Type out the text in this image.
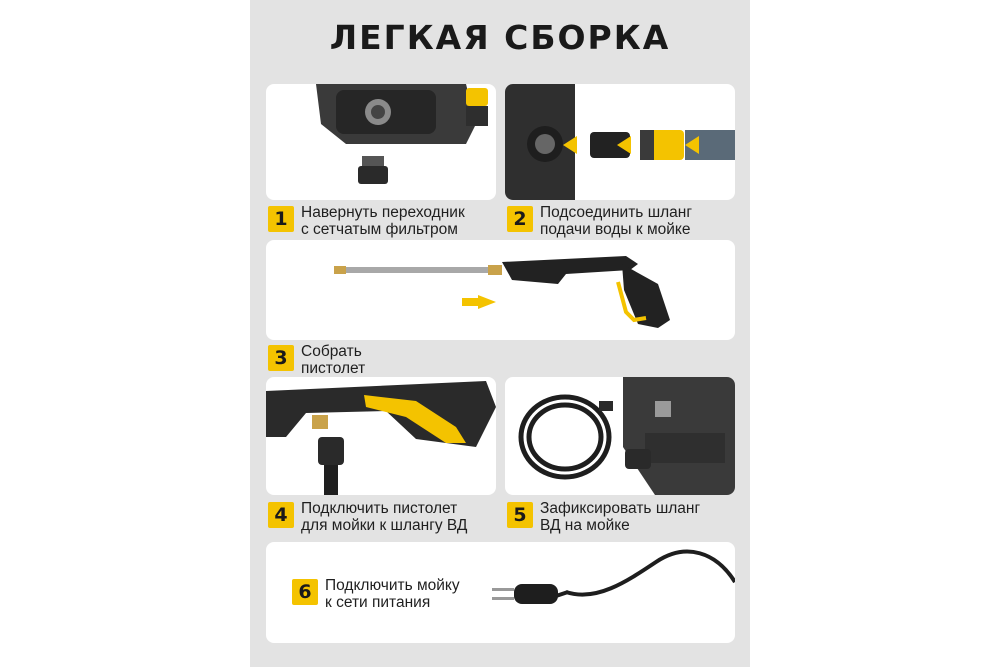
ЛЕГКАЯ СБОРКА
1 Навернуть переходник
с сетчатым фильтром	2 Подсоединить шланг
подачи воды к мойке
3 Собрать
пистолет
4 Подключить пистолет
для мойки к шлангу ВД	5 Зафиксировать шланг
ВД на мойке
6 Подключить мойку
к сети питания
